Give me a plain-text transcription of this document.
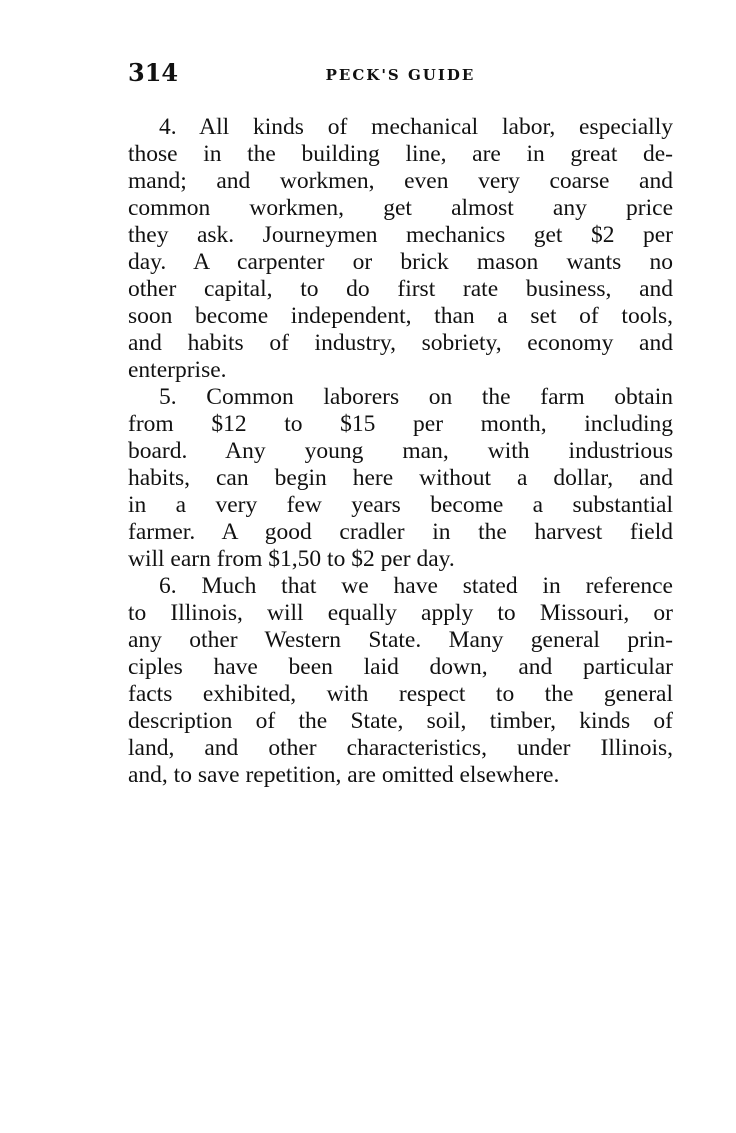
314	PECK'S GUIDE

4. All kinds of mechanical labor, especially
those in the building line, are in great de-
mand; and workmen, even very coarse and
common workmen, get almost any price
they ask. Journeymen mechanics get $2 per
day. A carpenter or brick mason wants no
other capital, to do first rate business, and
soon become independent, than a set of tools,
and habits of industry, sobriety, economy and
enterprise.

5. Common laborers on the farm obtain
from $12 to $15 per month, including
board. Any young man, with industrious
habits, can begin here without a dollar, and
in a very few years become a substantial
farmer. A good cradler in the harvest field
will earn from $1,50 to $2 per day.

6. Much that we have stated in reference
to Illinois, will equally apply to Missouri, or
any other Western State. Many general prin-
ciples have been laid down, and particular
facts exhibited, with respect to the general
description of the State, soil, timber, kinds of
land, and other characteristics, under Illinois,
and, to save repetition, are omitted elsewhere.
